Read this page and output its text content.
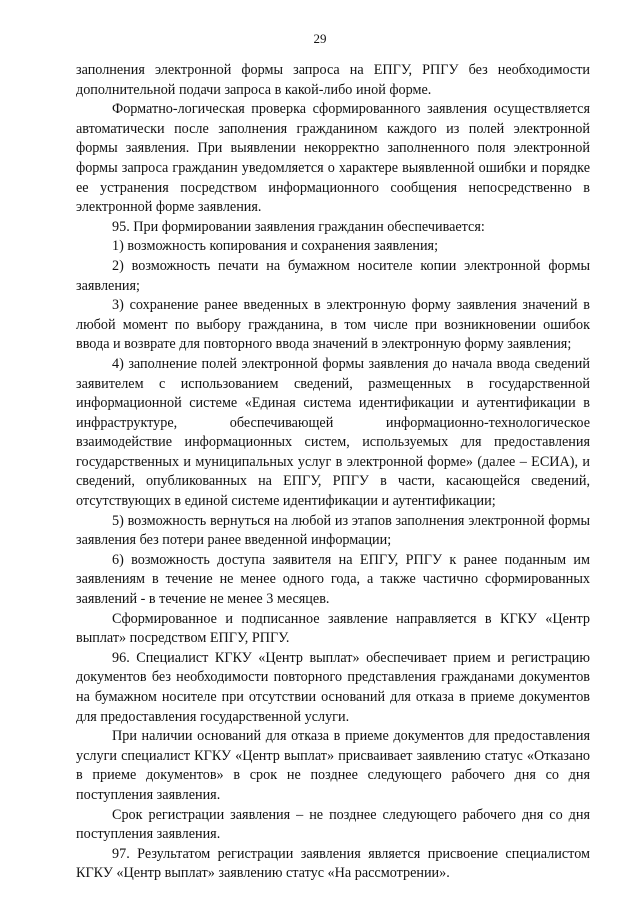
29

заполнения электронной формы запроса на ЕПГУ, РПГУ без необходимости дополнительной подачи запроса в какой-либо иной форме.

Форматно-логическая проверка сформированного заявления осуществляется автоматически после заполнения гражданином каждого из полей электронной формы заявления. При выявлении некорректно заполненного поля электронной формы запроса гражданин уведомляется о характере выявленной ошибки и порядке ее устранения посредством информационного сообщения непосредственно в электронной форме заявления.

95. При формировании заявления гражданин обеспечивается:

1) возможность копирования и сохранения заявления;

2) возможность печати на бумажном носителе копии электронной формы заявления;

3) сохранение ранее введенных в электронную форму заявления значений в любой момент по выбору гражданина, в том числе при возникновении ошибок ввода и возврате для повторного ввода значений в электронную форму заявления;

4) заполнение полей электронной формы заявления до начала ввода сведений заявителем с использованием сведений, размещенных в государственной информационной системе «Единая система идентификации и аутентификации в инфраструктуре, обеспечивающей информационно-технологическое взаимодействие информационных систем, используемых для предоставления государственных и муниципальных услуг в электронной форме» (далее – ЕСИА), и сведений, опубликованных на ЕПГУ, РПГУ в части, касающейся сведений, отсутствующих в единой системе идентификации и аутентификации;

5) возможность вернуться на любой из этапов заполнения электронной формы заявления без потери ранее введенной информации;

6) возможность доступа заявителя на ЕПГУ, РПГУ к ранее поданным им заявлениям в течение не менее одного года, а также частично сформированных заявлений - в течение не менее 3 месяцев.

Сформированное и подписанное заявление направляется в КГКУ «Центр выплат» посредством ЕПГУ, РПГУ.

96. Специалист КГКУ «Центр выплат» обеспечивает прием и регистрацию документов без необходимости повторного представления гражданами документов на бумажном носителе при отсутствии оснований для отказа в приеме документов для предоставления государственной услуги.

При наличии оснований для отказа в приеме документов для предоставления услуги специалист КГКУ «Центр выплат» присваивает заявлению статус «Отказано в приеме документов» в срок не позднее следующего рабочего дня со дня поступления заявления.

Срок регистрации заявления – не позднее следующего рабочего дня со дня поступления заявления.

97. Результатом регистрации заявления является присвоение специалистом КГКУ «Центр выплат» заявлению статус «На рассмотрении».
